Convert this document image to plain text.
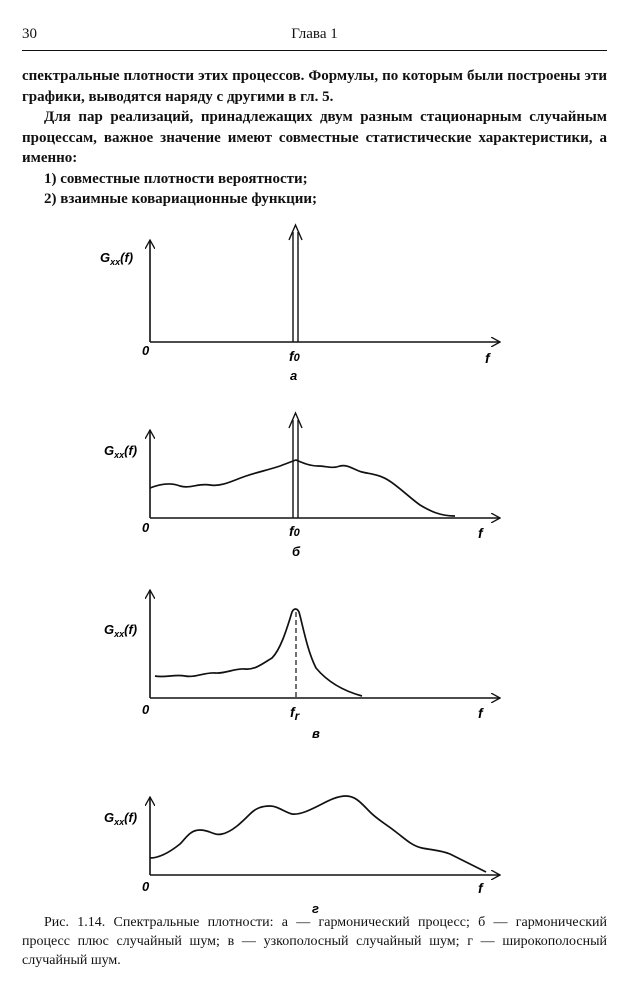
30	Глава 1

спектральные плотности этих процессов. Формулы, по которым были построены эти графики, выводятся наряду с другими в гл. 5.

Для пар реализаций, принадлежащих двум разным стационарным случайным процессам, важное значение имеют совместные статистические характеристики, а именно:

1) совместные плотности вероятности;

2) взаимные ковариационные функции;

$G_{xx}(f)$
0	f
f0
а
$G_{xx}(f)$
0	f
f0
б
$G_{xx}(f)$
0	f
fr
в
$G_{xx}(f)$
0	f
г
Рис. 1.14. Спектральные плотности: а — гармонический процесс; б — гармонический процесс плюс случайный шум; в — узкополосный случайный шум; г — широкополосный случайный шум.
